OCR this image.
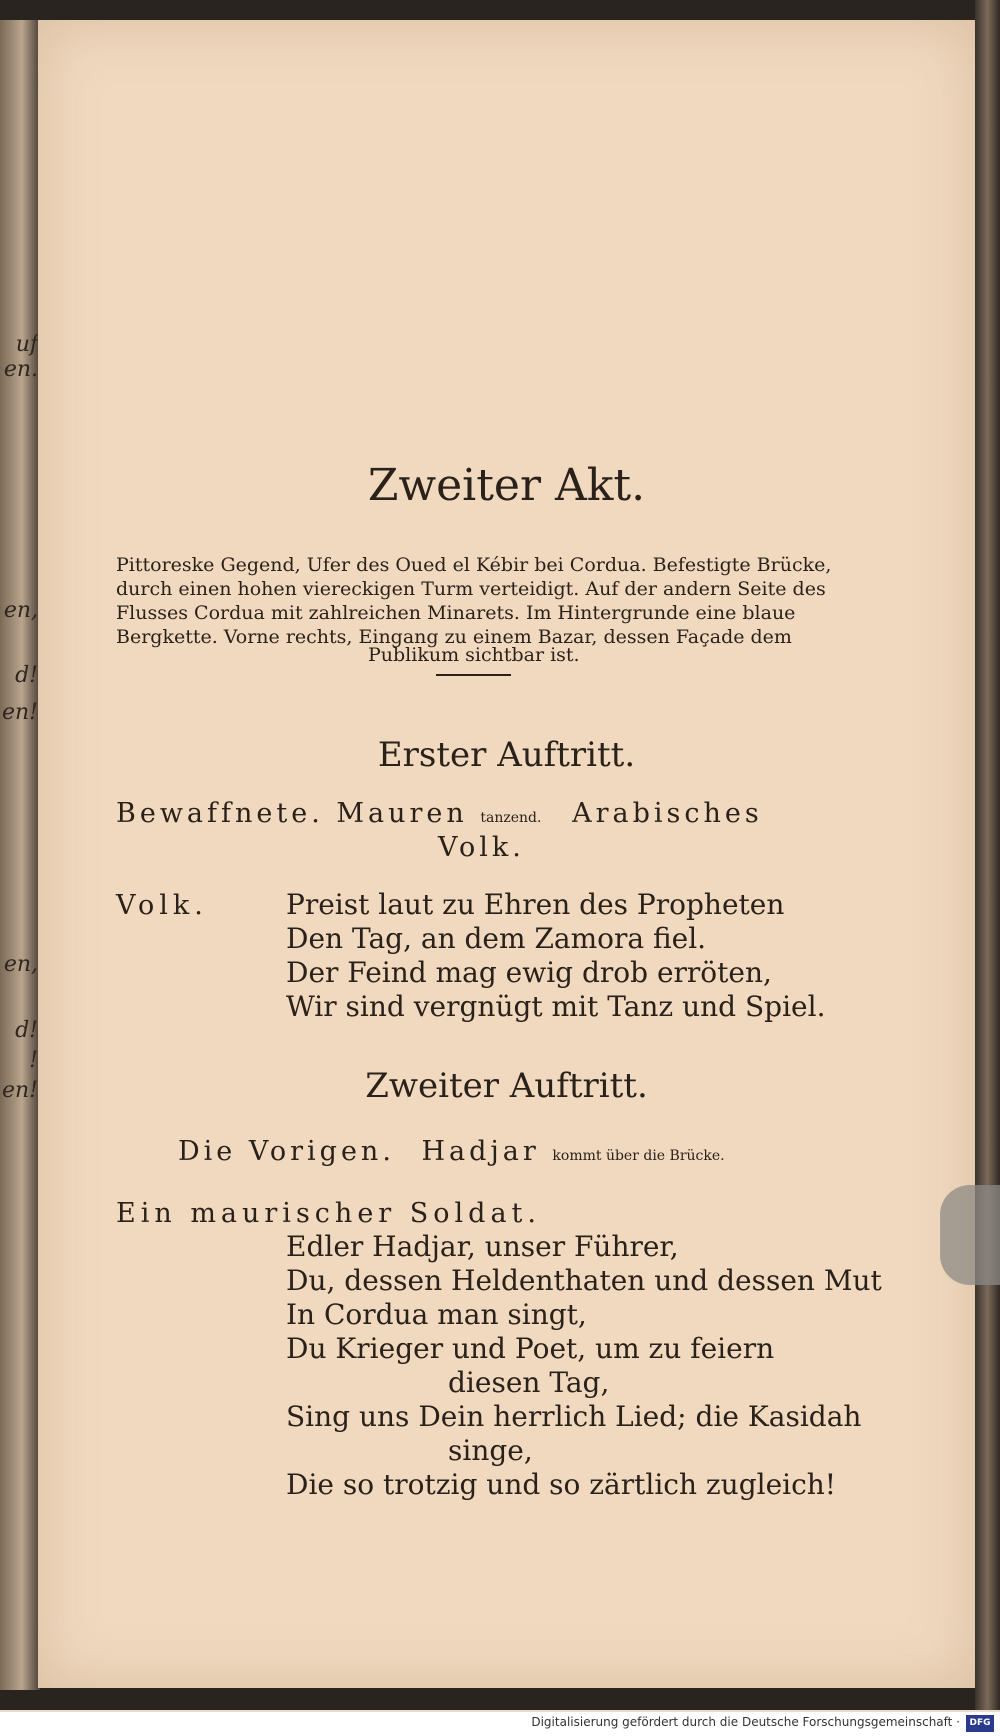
uf
en.
en,
d!
en!
en,
d!
!
en!
Zweiter Akt.
Pittoreske Gegend, Ufer des Oued el Kébir bei Cordua. Befestigte Brücke,
durch einen hohen viereckigen Turm verteidigt. Auf der andern Seite des
Flusses Cordua mit zahlreichen Minarets. Im Hintergrunde eine blaue
Bergkette. Vorne rechts, Eingang zu einem Bazar, dessen Façade dem
Publikum sichtbar ist.
Erster Auftritt.
Bewaffnete. Mauren tanzend. Arabisches
Volk.
Volk.	Preist laut zu Ehren des Propheten
Den Tag, an dem Zamora fiel.
Der Feind mag ewig drob erröten,
Wir sind vergnügt mit Tanz und Spiel.
Zweiter Auftritt.
Die Vorigen. Hadjar kommt über die Brücke.
Ein maurischer Soldat.
Edler Hadjar, unser Führer,
Du, dessen Heldenthaten und dessen Mut
In Cordua man singt,
Du Krieger und Poet, um zu feiern
diesen Tag,
Sing uns Dein herrlich Lied; die Kasidah
singe,
Die so trotzig und so zärtlich zugleich!
Digitalisierung gefördert durch die Deutsche Forschungsgemeinschaft ·	DFG
